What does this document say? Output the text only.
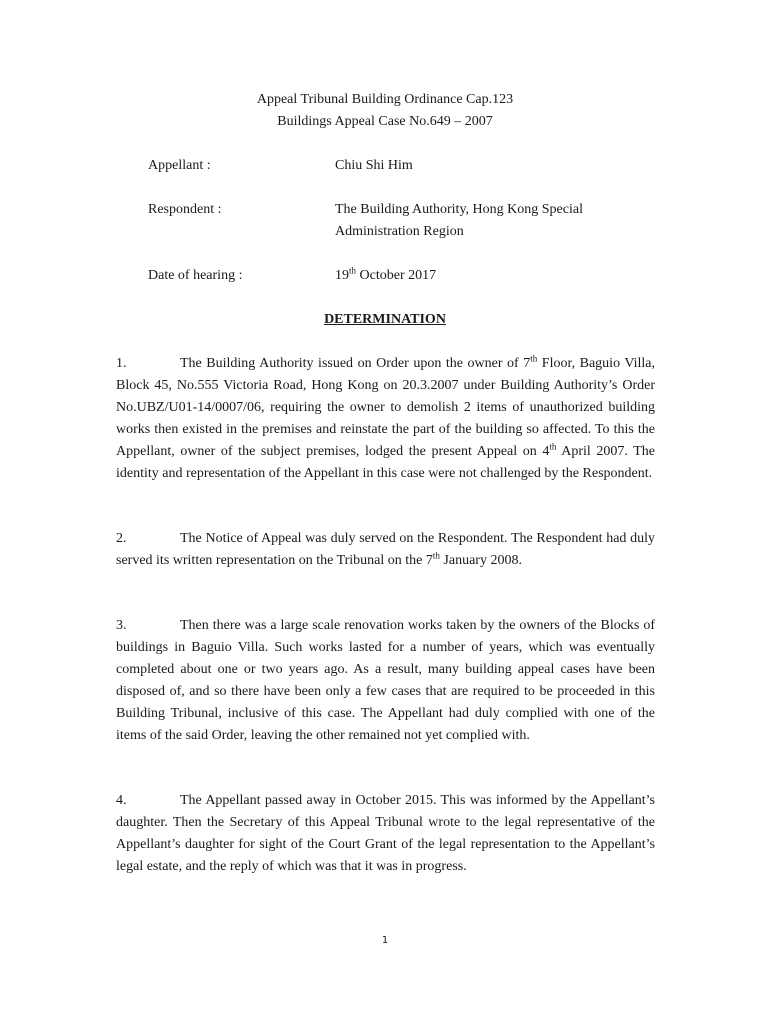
Appeal Tribunal Building Ordinance Cap.123
Buildings Appeal Case No.649 – 2007
Appellant :	Chiu Shi Him
Respondent :	The Building Authority, Hong Kong Special Administration Region
Date of hearing :	19th October 2017
DETERMINATION
1.	The Building Authority issued on Order upon the owner of 7th Floor, Baguio Villa, Block 45, No.555 Victoria Road, Hong Kong on 20.3.2007 under Building Authority’s Order No.UBZ/U01-14/0007/06, requiring the owner to demolish 2 items of unauthorized building works then existed in the premises and reinstate the part of the building so affected. To this the Appellant, owner of the subject premises, lodged the present Appeal on 4th April 2007. The identity and representation of the Appellant in this case were not challenged by the Respondent.
2.	The Notice of Appeal was duly served on the Respondent. The Respondent had duly served its written representation on the Tribunal on the 7th January 2008.
3.	Then there was a large scale renovation works taken by the owners of the Blocks of buildings in Baguio Villa. Such works lasted for a number of years, which was eventually completed about one or two years ago. As a result, many building appeal cases have been disposed of, and so there have been only a few cases that are required to be proceeded in this Building Tribunal, inclusive of this case. The Appellant had duly complied with one of the items of the said Order, leaving the other remained not yet complied with.
4.	The Appellant passed away in October 2015. This was informed by the Appellant’s daughter. Then the Secretary of this Appeal Tribunal wrote to the legal representative of the Appellant’s daughter for sight of the Court Grant of the legal representation to the Appellant’s legal estate, and the reply of which was that it was in progress.
1
